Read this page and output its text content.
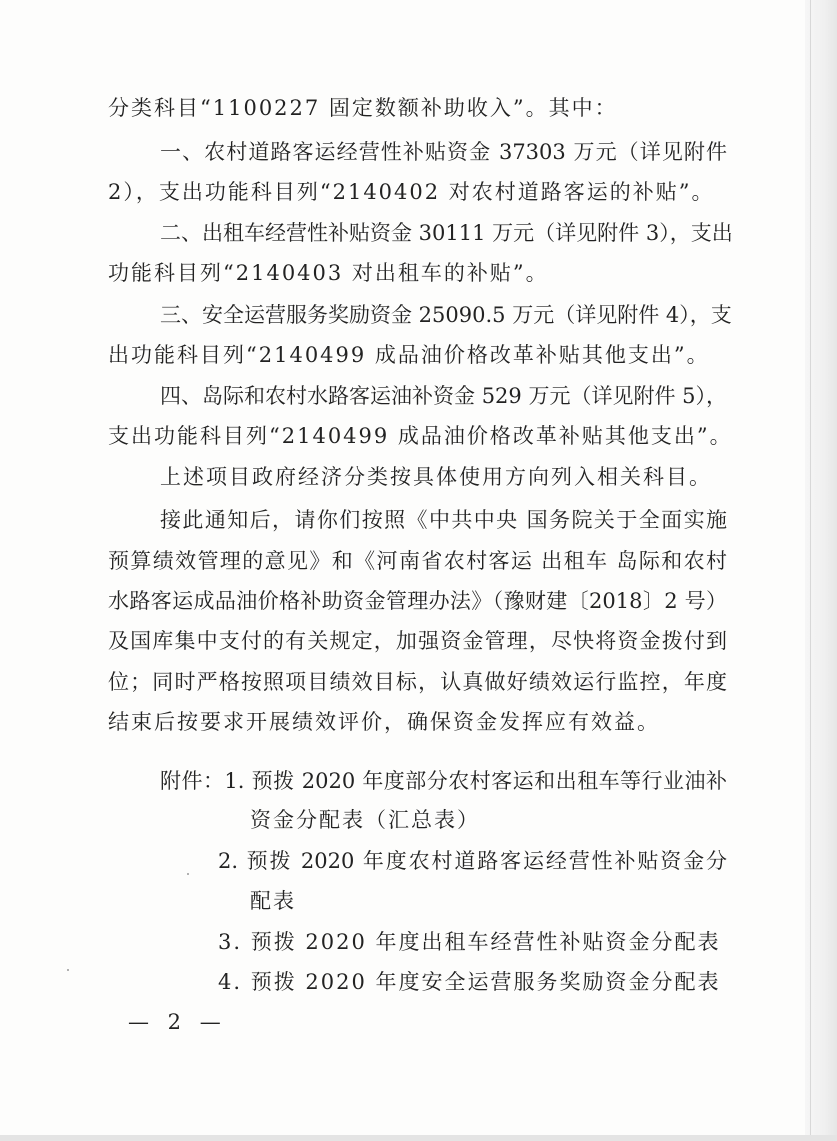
分类科目“1100227 固定数额补助收入”。其中：
一、农村道路客运经营性补贴资金 37303 万元（详见附件
2），支出功能科目列“2140402 对农村道路客运的补贴”。
二、出租车经营性补贴资金 30111 万元（详见附件 3），支出
功能科目列“2140403 对出租车的补贴”。
三、安全运营服务奖励资金 25090.5 万元（详见附件 4），支
出功能科目列“2140499 成品油价格改革补贴其他支出”。
四、岛际和农村水路客运油补资金 529 万元（详见附件 5），
支出功能科目列“2140499 成品油价格改革补贴其他支出”。
上述项目政府经济分类按具体使用方向列入相关科目。
接此通知后，请你们按照《中共中央 国务院关于全面实施
预算绩效管理的意见》和《河南省农村客运 出租车 岛际和农村
水路客运成品油价格补助资金管理办法》（豫财建〔2018〕2 号）
及国库集中支付的有关规定，加强资金管理，尽快将资金拨付到
位；同时严格按照项目绩效目标，认真做好绩效运行监控，年度
结束后按要求开展绩效评价，确保资金发挥应有效益。
附件：1. 预拨 2020 年度部分农村客运和出租车等行业油补
资金分配表（汇总表）
2. 预拨 2020 年度农村道路客运经营性补贴资金分
配表
3. 预拨 2020 年度出租车经营性补贴资金分配表
4. 预拨 2020 年度安全运营服务奖励资金分配表
— 2 —
